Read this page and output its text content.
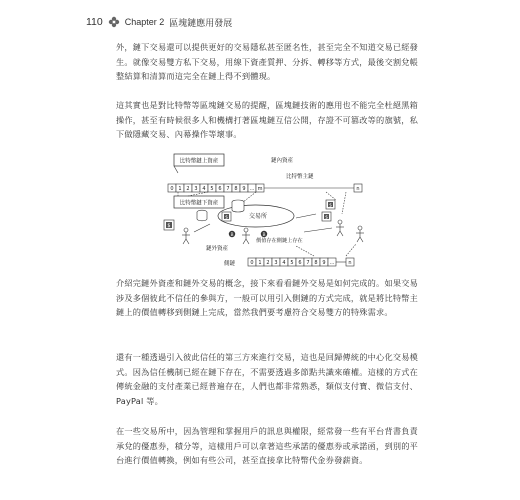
110 Chapter 2 區塊鏈應用發展

外，鏈下交易還可以提供更好的交易隱私甚至匿名性，甚至完全不知道交易已經發生。就像交易雙方私下交易，用線下資產質押、分拆、轉移等方式，最後交割兌帳整結算和清算而這完全在鏈上得不到體現。

這其實也是對比特幣等區塊鏈交易的提醒，區塊鏈技術的應用也不能完全杜絕黑箱操作，甚至有時候很多人和機構打著區塊鏈互信公開，存證不可篡改等的旗號，私下做隱藏交易、內幕操作等壞事。

比特幣鏈上資產	鏈內資產
比特幣主鏈
0 1 2 3 4 5 6 7 8 9 ... m	n
比特幣鏈下資產
交易所
$
$
$
$
B	B
價值存在側鏈上存在
鏈外資產
側鏈	0 1 2 3 4 5 6 7 8 9 ...	n

介紹完鏈外資產和鏈外交易的概念，接下來看看鏈外交易是如何完成的。如果交易涉及多個彼此不信任的參與方，一般可以用引入側鏈的方式完成，就是將比特幣主鏈上的價值轉移到側鏈上完成，當然我們要考慮符合交易雙方的特殊需求。

還有一種透過引入彼此信任的第三方來進行交易，這也是回歸傳統的中心化交易模式。因為信任機制已經在鏈下存在，不需要透過多節點共識來確權。這樣的方式在傳統金融的支付產業已經普遍存在，人們也都非常熟悉，類似支付寶、微信支付、PayPal 等。

在一些交易所中，因為管理和掌握用戶的訊息與權限，經常發一些有平台背書負責承兌的優惠券，積分等，這樣用戶可以拿著這些承諾的優惠券或承諾函，到別的平台進行價值轉換，例如有些公司，甚至直接拿比特幣代金券發薪資。
